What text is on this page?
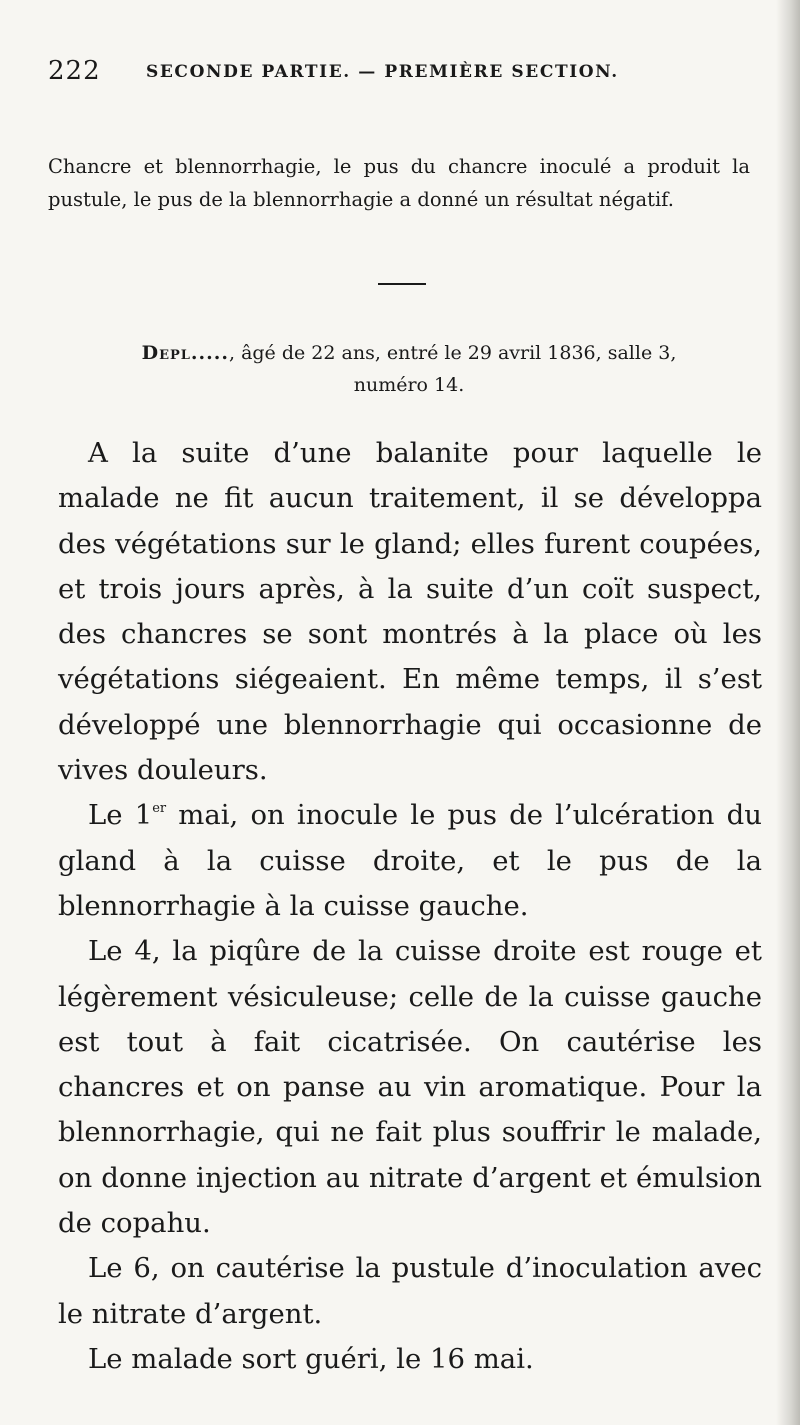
222	SECONDE PARTIE. — PREMIÈRE SECTION.
Chancre et blennorrhagie, le pus du chancre inoculé a produit la pustule, le pus de la blennorrhagie a donné un résultat négatif.
Depl....., âgé de 22 ans, entré le 29 avril 1836, salle 3,
numéro 14.

A la suite d’une balanite pour laquelle le malade ne fit aucun traitement, il se développa des végétations sur le gland; elles furent coupées, et trois jours après, à la suite d’un coït suspect, des chancres se sont montrés à la place où les végétations siégeaient. En même temps, il s’est développé une blennorrhagie qui occasionne de vives douleurs.

Le 1er mai, on inocule le pus de l’ulcération du gland à la cuisse droite, et le pus de la blennorrhagie à la cuisse gauche.

Le 4, la piqûre de la cuisse droite est rouge et légèrement vésiculeuse; celle de la cuisse gauche est tout à fait cicatrisée. On cautérise les chancres et on panse au vin aromatique. Pour la blennorrhagie, qui ne fait plus souffrir le malade, on donne injection au nitrate d’argent et émulsion de copahu.

Le 6, on cautérise la pustule d’inoculation avec le nitrate d’argent.

Le malade sort guéri, le 16 mai.
